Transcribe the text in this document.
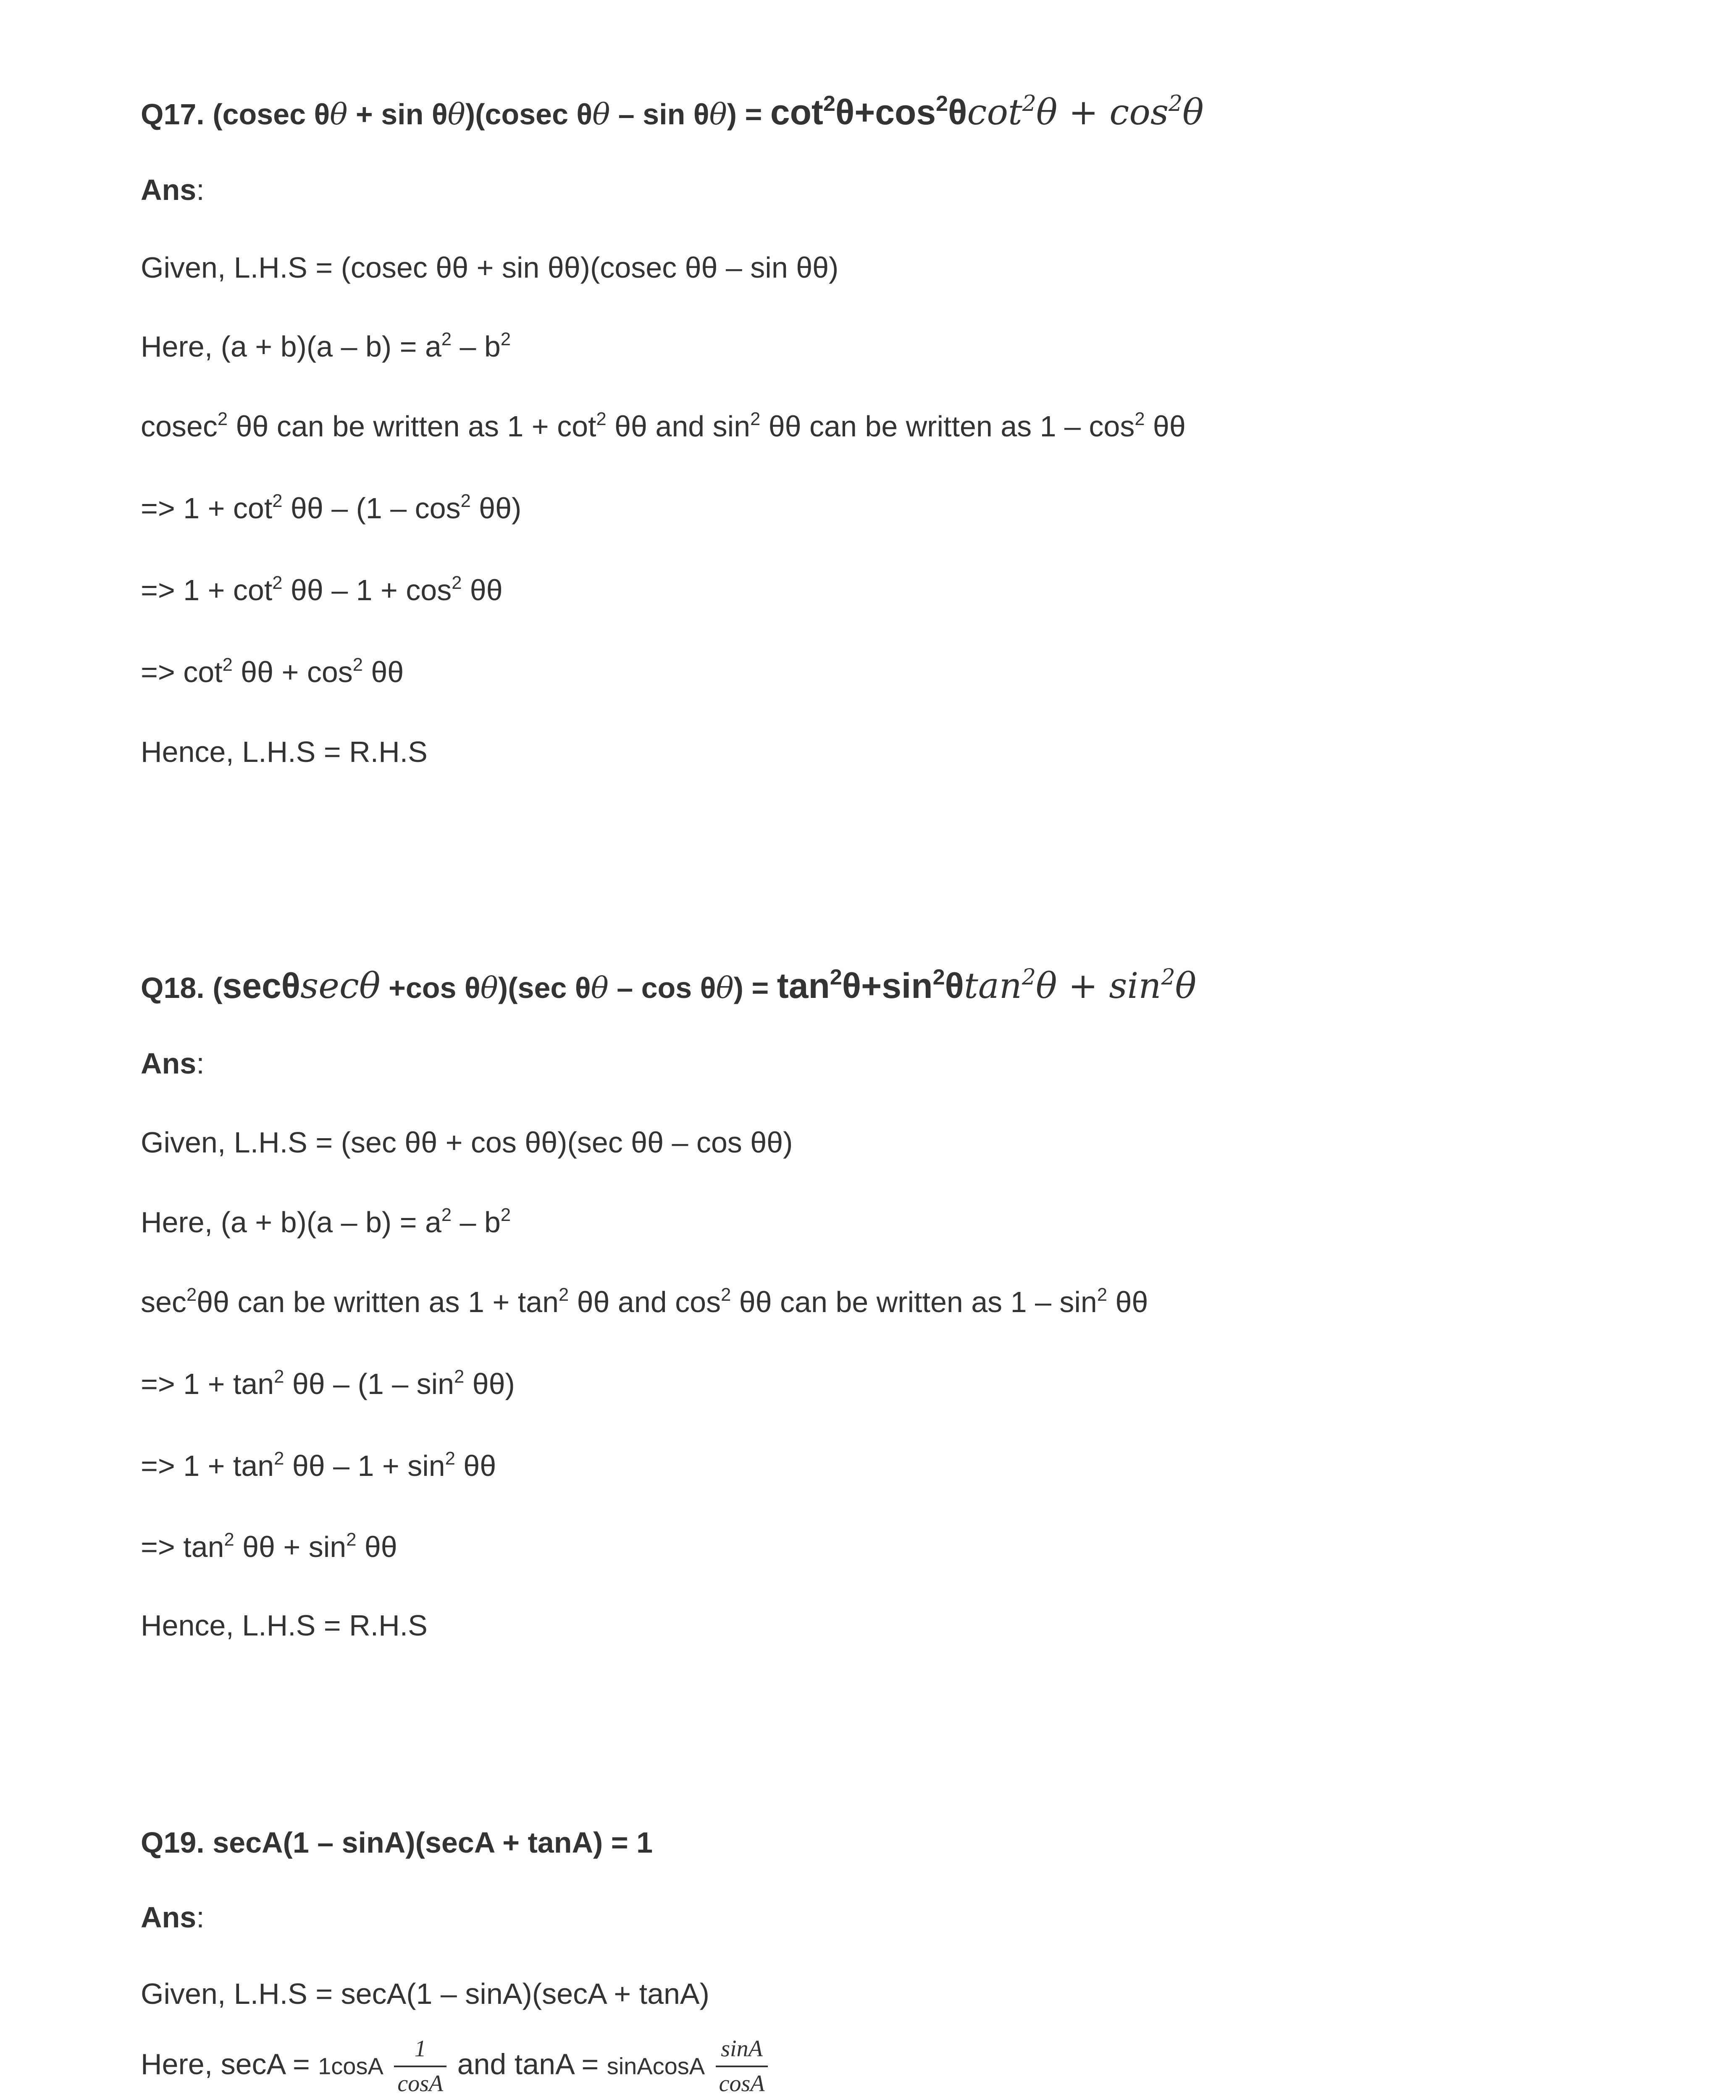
Q17. (cosec θθ + sin θθ)(cosec $\theta\theta - \sin \theta\theta) = \cot^2\theta+\cos^2\theta\cot^2\theta + \cos^2\theta$
Ans:
Given, L.H.S = (cosec θθ + sin θθ)(cosec θθ – sin θθ)
Here, $(a + b)(a - b) = a^2 - b^2$
cosec$^2$ θθ can be written as $1 + \cot^2 \theta\theta$ and $\sin^2 \theta\theta$ can be written as $1 - \cos^2 \theta\theta$
=> $1 + \cot^2 \theta\theta - (1 - \cos^2 \theta\theta)$
=> $1 + \cot^2 \theta\theta - 1 + \cos^2 \theta\theta$
=> $\cot^2 \theta\theta + \cos^2 \theta\theta$
Hence, L.H.S = R.H.S
Q18. (secθsecθ +cos θθ)(sec $\theta\theta - \cos \theta\theta) = \tan^2\theta+\sin^2\theta\tan^2\theta + \sin^2\theta$
Ans:
Given, L.H.S = (sec θθ + cos θθ)(sec θθ – cos θθ)
Here, $(a + b)(a - b) = a^2 - b^2$
$\sec^2\theta\theta$ can be written as $1 + \tan^2 \theta\theta$ and $\cos^2 \theta\theta$ can be written as $1 - \sin^2 \theta\theta$
=> $1 + \tan^2 \theta\theta - (1 - \sin^2 \theta\theta)$
=> $1 + \tan^2 \theta\theta - 1 + \sin^2 \theta\theta$
=> $\tan^2 \theta\theta + \sin^2 \theta\theta$
Hence, L.H.S = R.H.S
Q19. secA(1 – sinA)(secA + tanA) = 1
Ans:
Given, L.H.S = secA(1 – sinA)(secA + tanA)
Here, $\sec A = 1\cos A \frac{1}{\cos A}$ and tanA = sinAcosA $\frac{\sin A}{\cos A}$
